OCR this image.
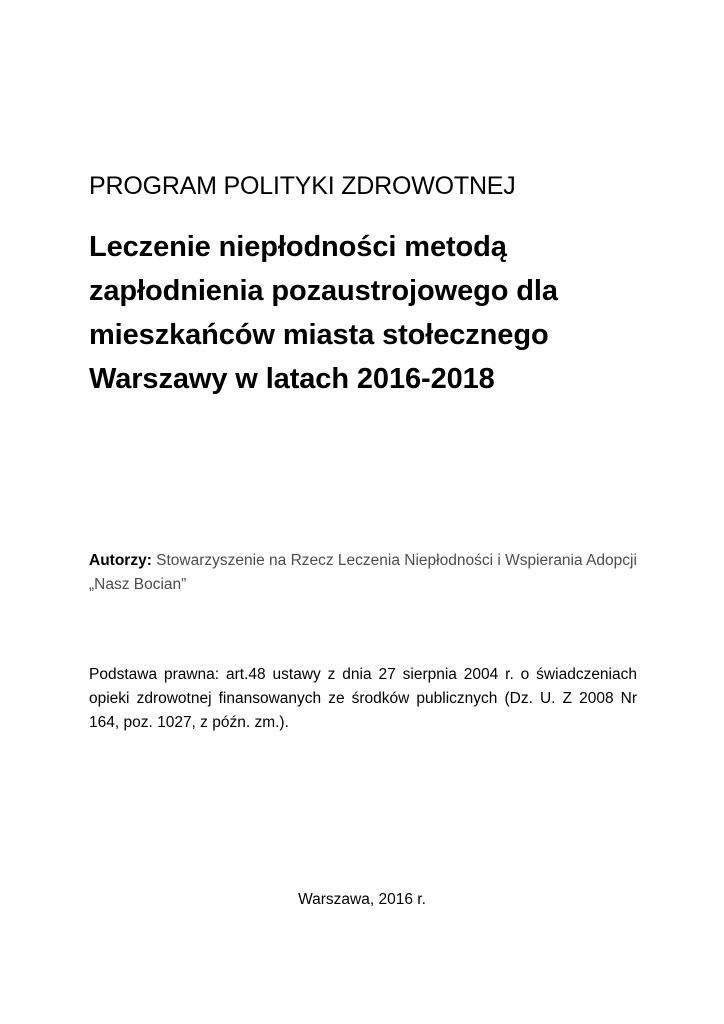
PROGRAM POLITYKI ZDROWOTNEJ
Leczenie niepłodności metodą
zapłodnienia pozaustrojowego dla
mieszkańców miasta stołecznego
Warszawy w latach 2016-2018

Autorzy: Stowarzyszenie na Rzecz Leczenia Niepłodności i Wspierania Adopcji „Nasz Bocian”

Podstawa prawna: art.48 ustawy z dnia 27 sierpnia 2004 r. o świadczeniach opieki zdrowotnej finansowanych ze środków publicznych (Dz. U. Z 2008 Nr 164, poz. 1027, z późn. zm.).

Warszawa, 2016 r.
